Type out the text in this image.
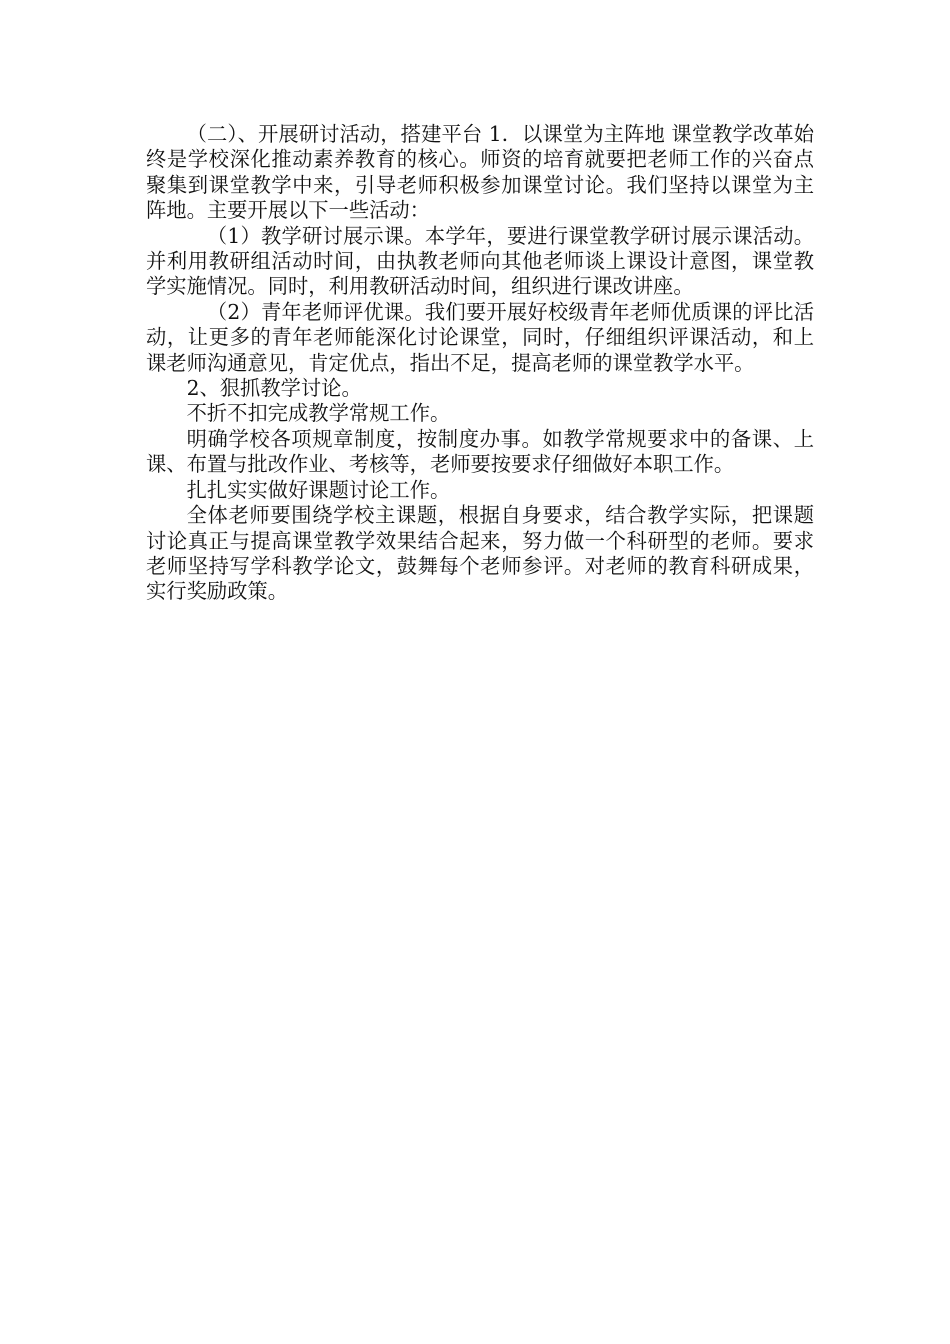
（二）、开展研讨活动，搭建平台 1．以课堂为主阵地 课堂教学改革始终是学校深化推动素养教育的核心。师资的培育就要把老师工作的兴奋点聚集到课堂教学中来，引导老师积极参加课堂讨论。我们坚持以课堂为主阵地。主要开展以下一些活动：

（1）教学研讨展示课。本学年，要进行课堂教学研讨展示课活动。并利用教研组活动时间，由执教老师向其他老师谈上课设计意图，课堂教学实施情况。同时，利用教研活动时间，组织进行课改讲座。

（2）青年老师评优课。我们要开展好校级青年老师优质课的评比活动，让更多的青年老师能深化讨论课堂，同时，仔细组织评课活动，和上课老师沟通意见，肯定优点，指出不足，提高老师的课堂教学水平。

2、狠抓教学讨论。

不折不扣完成教学常规工作。

明确学校各项规章制度，按制度办事。如教学常规要求中的备课、上课、布置与批改作业、考核等，老师要按要求仔细做好本职工作。

扎扎实实做好课题讨论工作。

全体老师要围绕学校主课题，根据自身要求，结合教学实际，把课题讨论真正与提高课堂教学效果结合起来，努力做一个科研型的老师。要求老师坚持写学科教学论文，鼓舞每个老师参评。对老师的教育科研成果，实行奖励政策。
